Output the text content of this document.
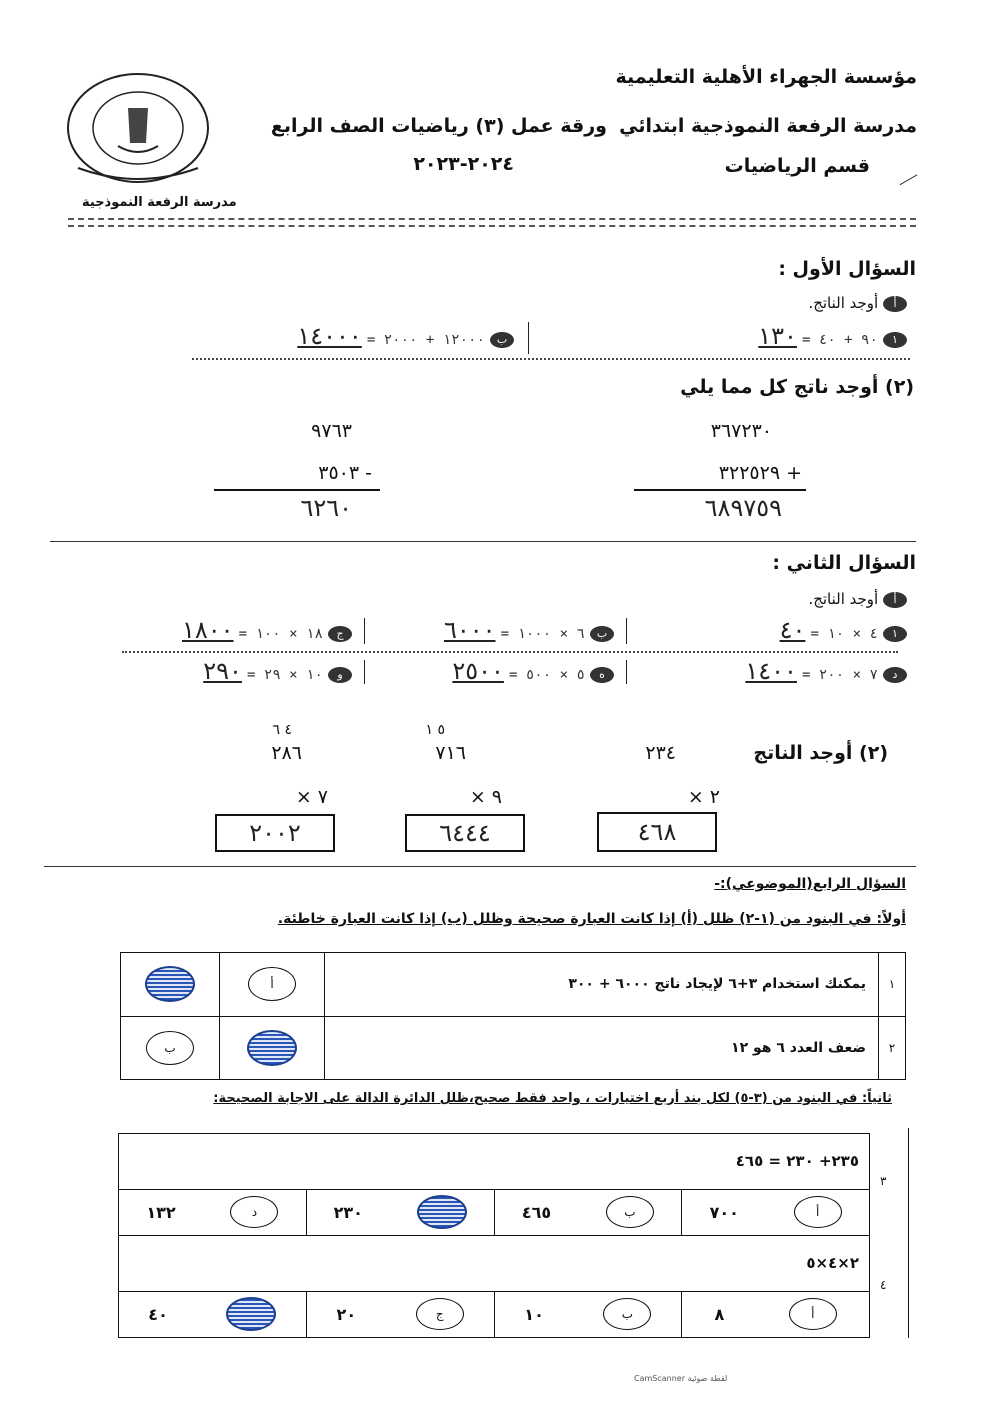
مؤسسة الجهراء الأهلية التعليمية
مدرسة الرفعة النموذجية ابتدائي
ورقة عمل (٣) رياضيات الصف الرابع
قسم الرياضيات
٢٠٢٤-٢٠٢٣
مدرسة الرفعة النموذجية
السؤال الأول :
أ أوجد الناتج.
١ ٩٠ + ٤٠ = ١٣٠
ب ١٢٠٠٠ + ٢٠٠٠ = ١٤٠٠٠
(٢) أوجد ناتج كل مما يلي
٣٦٧٢٣٠
+ ٣٢٢٥٢٩
٦٨٩٧٥٩
٩٧٦٣
- ٣٥٠٣
٦٢٦٠
السؤال الثاني :
أ أوجد الناتج.
١ ٤ × ١٠ = ٤٠
ب ٦ × ١٠٠٠ = ٦٠٠٠
ج ١٨ × ١٠٠ = ١٨٠٠
د ٧ × ٢٠٠ = ١٤٠٠
ه ٥ × ٥٠٠ = ٢٥٠٠
و ١٠ × ٢٩ = ٢٩٠
(٢) أوجد الناتج
٢٣٤
٢ ×
٤٦٨
٥ ١
٧١٦
٩ ×
٦٤٤٤
٤ ٦
٢٨٦
٧ ×
٢٠٠٢
السؤال الرابع(الموضوعي):-
أولاً: في البنود من (١-٢) ظلل (أ) إذا كانت العبارة صحيحة وظلل (ب) إذا كانت العبارة خاطئة.

	أ	يمكنك استخدام ٣+٦ لإيجاد ناتج ٦٠٠٠ + ٣٠٠	١

ب		ضعف العدد ٦ هو ١٢	٢
ثانياً: في البنود من (٣-٥) لكل بند أربع اختيارات ، واحد فقط صحيح،ظلل الدائرة الدالة على الاجابة الصحيحة:
٢٣٥+ ٢٣٠ = ٤٦٥			

١٣٢ د	٢٣٠	٤٦٥ ب	٧٠٠ أ

٢×٤×٥			

٤٠	٢٠ ج	١٠ ب	٨ أ
٣
٤
CamScanner لقطة ضوئية
